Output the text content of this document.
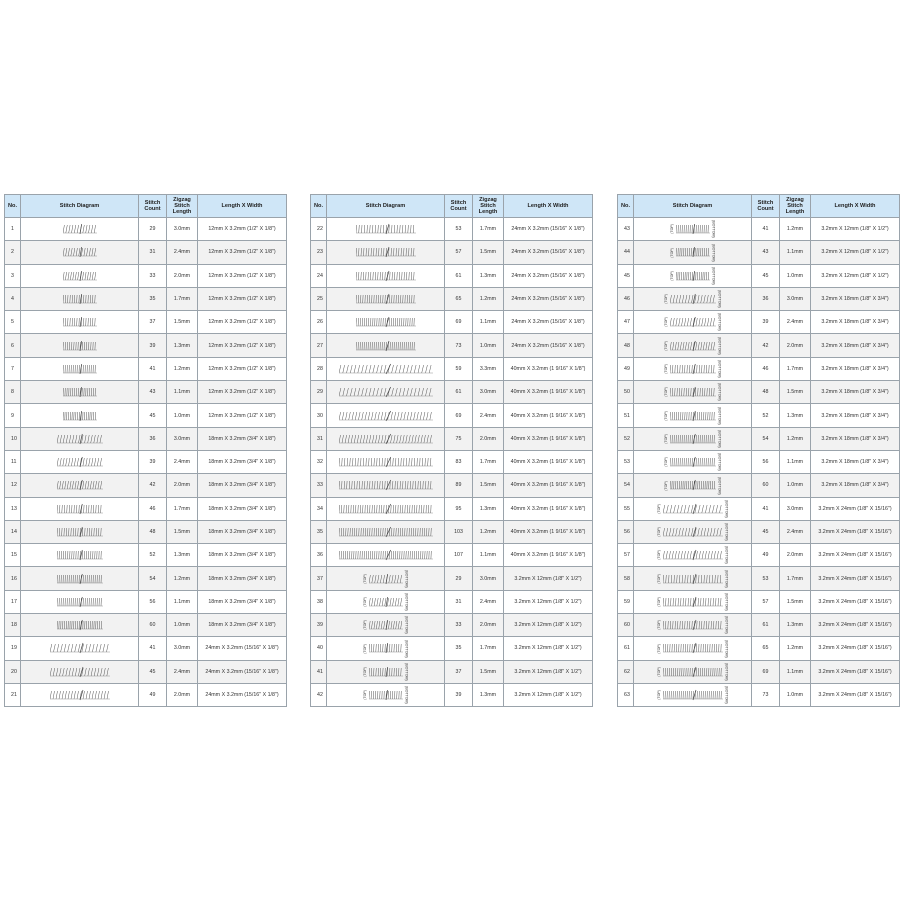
No.	Stitch Diagram	Stitch Count	Zigzag Stitch Length	Length X Width
1		29	3.0mm	12mm X 3.2mm (1/2" X 1/8")
2		31	2.4mm	12mm X 3.2mm (1/2" X 1/8")
3		33	2.0mm	12mm X 3.2mm (1/2" X 1/8")
4		35	1.7mm	12mm X 3.2mm (1/2" X 1/8")
5		37	1.5mm	12mm X 3.2mm (1/2" X 1/8")
6		39	1.3mm	12mm X 3.2mm (1/2" X 1/8")
7		41	1.2mm	12mm X 3.2mm (1/2" X 1/8")
8		43	1.1mm	12mm X 3.2mm (1/2" X 1/8")
9		45	1.0mm	12mm X 3.2mm (1/2" X 1/8")
10		36	3.0mm	18mm X 3.2mm (3/4" X 1/8")
11		39	2.4mm	18mm X 3.2mm (3/4" X 1/8")
12		42	2.0mm	18mm X 3.2mm (3/4" X 1/8")
13		46	1.7mm	18mm X 3.2mm (3/4" X 1/8")
14		48	1.5mm	18mm X 3.2mm (3/4" X 1/8")
15		52	1.3mm	18mm X 3.2mm (3/4" X 1/8")
16		54	1.2mm	18mm X 3.2mm (3/4" X 1/8")
17		56	1.1mm	18mm X 3.2mm (3/4" X 1/8")
18		60	1.0mm	18mm X 3.2mm (3/4" X 1/8")
19		41	3.0mm	24mm X 3.2mm (15/16" X 1/8")
20		45	2.4mm	24mm X 3.2mm (15/16" X 1/8")
21		49	2.0mm	24mm X 3.2mm (15/16" X 1/8")
No.	Stitch Diagram	Stitch Count	Zigzag Stitch Length	Length X Width
22		53	1.7mm	24mm X 3.2mm (15/16" X 1/8")
23		57	1.5mm	24mm X 3.2mm (15/16" X 1/8")
24		61	1.3mm	24mm X 3.2mm (15/16" X 1/8")
25		65	1.2mm	24mm X 3.2mm (15/16" X 1/8")
26		69	1.1mm	24mm X 3.2mm (15/16" X 1/8")
27		73	1.0mm	24mm X 3.2mm (15/16" X 1/8")
28		59	3.3mm	40mm X 3.2mm (1 9/16" X 1/8")
29		61	3.0mm	40mm X 3.2mm (1 9/16" X 1/8")
30		69	2.4mm	40mm X 3.2mm (1 9/16" X 1/8")
31		75	2.0mm	40mm X 3.2mm (1 9/16" X 1/8")
32		83	1.7mm	40mm X 3.2mm (1 9/16" X 1/8")
33		89	1.5mm	40mm X 3.2mm (1 9/16" X 1/8")
34		95	1.3mm	40mm X 3.2mm (1 9/16" X 1/8")
35		103	1.2mm	40mm X 3.2mm (1 9/16" X 1/8")
36		107	1.1mm	40mm X 3.2mm (1 9/16" X 1/8")
37	(TOP) (BOTTOM)	29	3.0mm	3.2mm X 12mm (1/8" X 1/2")
38	(TOP) (BOTTOM)	31	2.4mm	3.2mm X 12mm (1/8" X 1/2")
39	(TOP) (BOTTOM)	33	2.0mm	3.2mm X 12mm (1/8" X 1/2")
40	(TOP) (BOTTOM)	35	1.7mm	3.2mm X 12mm (1/8" X 1/2")
41	(TOP) (BOTTOM)	37	1.5mm	3.2mm X 12mm (1/8" X 1/2")
42	(TOP) (BOTTOM)	39	1.3mm	3.2mm X 12mm (1/8" X 1/2")
No.	Stitch Diagram	Stitch Count	Zigzag Stitch Length	Length X Width
43	(TOP) (BOTTOM)	41	1.2mm	3.2mm X 12mm (1/8" X 1/2")
44	(TOP) (BOTTOM)	43	1.1mm	3.2mm X 12mm (1/8" X 1/2")
45	(TOP) (BOTTOM)	45	1.0mm	3.2mm X 12mm (1/8" X 1/2")
46	(TOP) (BOTTOM)	36	3.0mm	3.2mm X 18mm (1/8" X 3/4")
47	(TOP) (BOTTOM)	39	2.4mm	3.2mm X 18mm (1/8" X 3/4")
48	(TOP) (BOTTOM)	42	2.0mm	3.2mm X 18mm (1/8" X 3/4")
49	(TOP) (BOTTOM)	46	1.7mm	3.2mm X 18mm (1/8" X 3/4")
50	(TOP) (BOTTOM)	48	1.5mm	3.2mm X 18mm (1/8" X 3/4")
51	(TOP) (BOTTOM)	52	1.3mm	3.2mm X 18mm (1/8" X 3/4")
52	(TOP) (BOTTOM)	54	1.2mm	3.2mm X 18mm (1/8" X 3/4")
53	(TOP) (BOTTOM)	56	1.1mm	3.2mm X 18mm (1/8" X 3/4")
54	(TOP) (BOTTOM)	60	1.0mm	3.2mm X 18mm (1/8" X 3/4")
55	(TOP) (BOTTOM)	41	3.0mm	3.2mm X 24mm (1/8" X 15/16")
56	(TOP) (BOTTOM)	45	2.4mm	3.2mm X 24mm (1/8" X 15/16")
57	(TOP) (BOTTOM)	49	2.0mm	3.2mm X 24mm (1/8" X 15/16")
58	(TOP) (BOTTOM)	53	1.7mm	3.2mm X 24mm (1/8" X 15/16")
59	(TOP) (BOTTOM)	57	1.5mm	3.2mm X 24mm (1/8" X 15/16")
60	(TOP) (BOTTOM)	61	1.3mm	3.2mm X 24mm (1/8" X 15/16")
61	(TOP) (BOTTOM)	65	1.2mm	3.2mm X 24mm (1/8" X 15/16")
62	(TOP) (BOTTOM)	69	1.1mm	3.2mm X 24mm (1/8" X 15/16")
63	(TOP) (BOTTOM)	73	1.0mm	3.2mm X 24mm (1/8" X 15/16")
